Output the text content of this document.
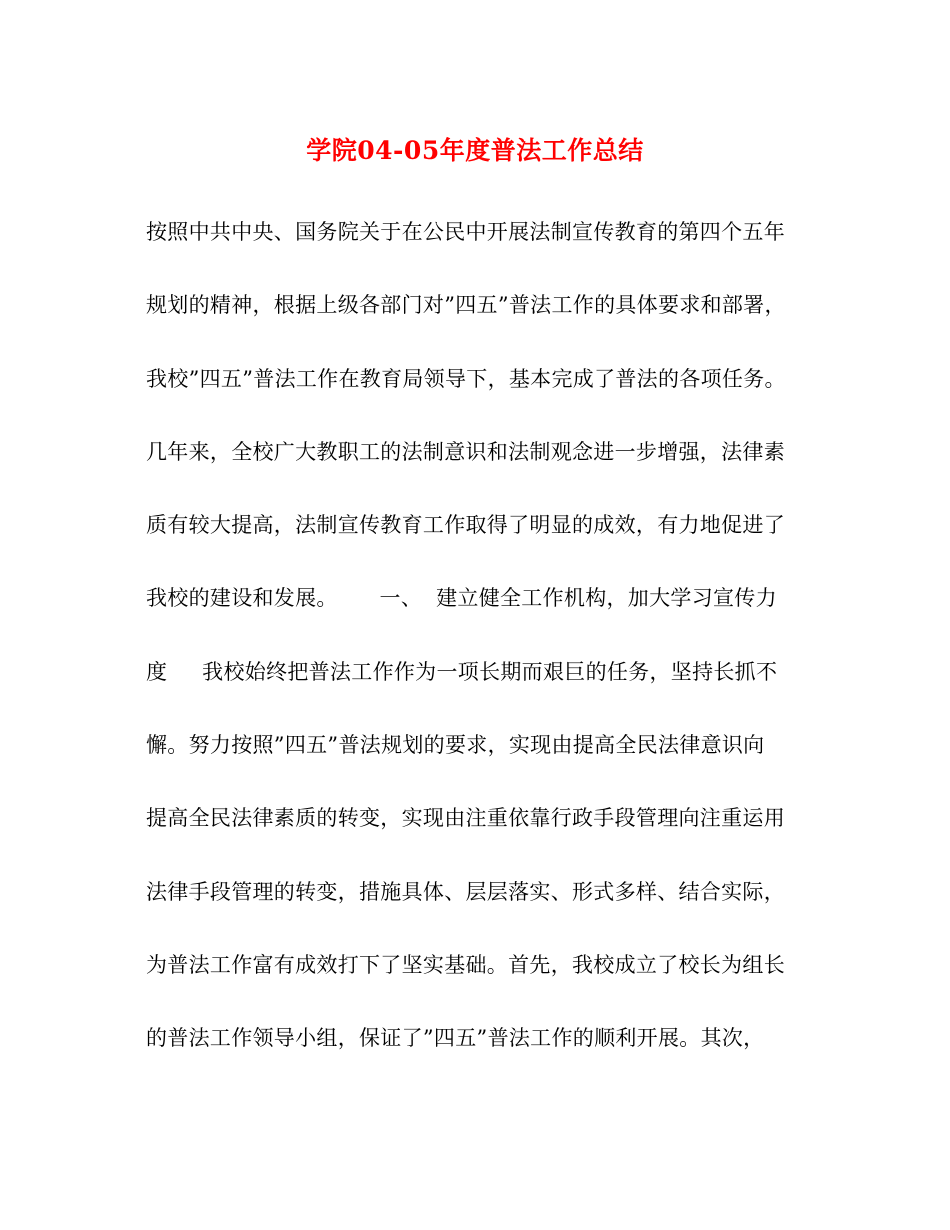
学院04-05年度普法工作总结
按照中共中央、国务院关于在公民中开展法制宣传教育的第四个五年
规划的精神，根据上级各部门对”四五”普法工作的具体要求和部署，
我校”四五”普法工作在教育局领导下，基本完成了普法的各项任务。
几年来，全校广大教职工的法制意识和法制观念进一步增强，法律素
质有较大提高，法制宣传教育工作取得了明显的成效，有力地促进了
我校的建设和发展。      一、  建立健全工作机构，加大学习宣传力
度     我校始终把普法工作作为一项长期而艰巨的任务，坚持长抓不
懈。努力按照”四五”普法规划的要求，实现由提高全民法律意识向
提高全民法律素质的转变，实现由注重依靠行政手段管理向注重运用
法律手段管理的转变，措施具体、层层落实、形式多样、结合实际，
为普法工作富有成效打下了坚实基础。首先，我校成立了校长为组长
的普法工作领导小组，保证了”四五”普法工作的顺利开展。其次，
